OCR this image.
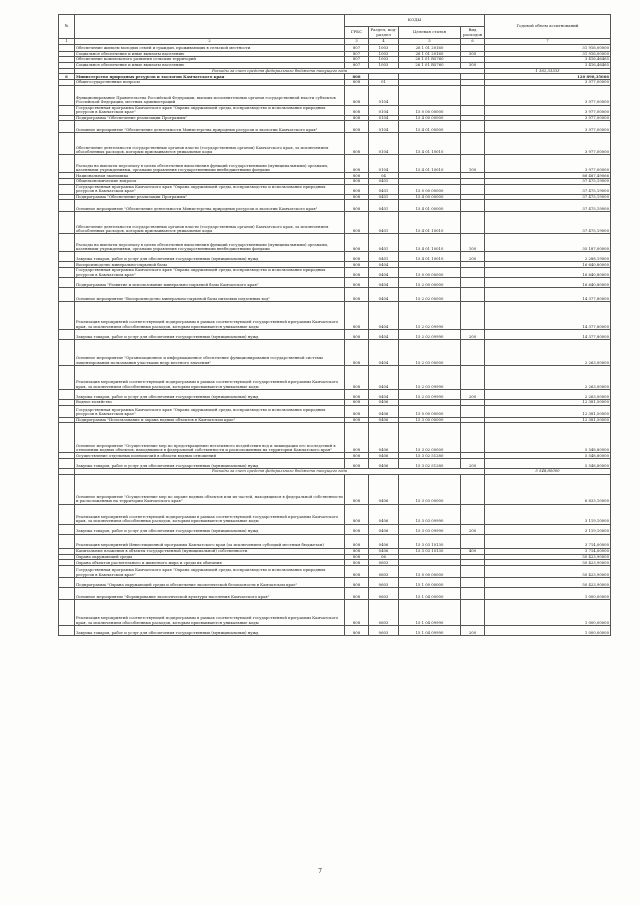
№		КОДЫ				Годовой объем ассигнований
		ГРБС	Раздел, под-раздел	Целевая статья	Вид расходов	
1	2	3	4	5	6	7
	Обеспечение жильем молодых семей и граждан, проживающих в сельской местности	807	1003	26 1 01 20160		31 916,00000
	Социальное обеспечение и иные выплаты населению	807	1003	26 1 01 20160	300	31 916,00000
	Обеспечение комплексного развития сельских территорий	807	1003	26 1 01 R5760		3 416,46465
	Социальное обеспечение и иные выплаты населению	807	1003	26 1 01 R5760	300	3 416,46465
	Расходы за счет средств федерального бюджета текущего года					1 362,33333
6	Министерство природных ресурсов и экологии Камчатского края	808				120 898,35066
	Общегосударственные вопросы	808	01			3 977,00000
	Функционирование Правительства Российской Федерации, высших исполнительных органов государственной власти субъектов Российской Федерации, местных администраций	808	0104			3 977,00000
	Государственная программа Камчатского края "Охрана окружающей среды, воспроизводство и использование природных ресурсов в Камчатском крае"	808	0104	15 0 00 00000		3 977,00000
	Подпрограмма "Обеспечение реализации Программы"	808	0104	15 4 00 00000		3 977,00000
	Основное мероприятие "Обеспечение деятельности Министерства природных ресурсов и экологии Камчатского края"	808	0104	15 4 01 00000		3 977,00000
	Обеспечение деятельности государственных органов власти (государственных органов) Камчатского края, за исключением обособленных расходов, которым присваиваются уникальные коды	808	0104	15 4 01 10010		3 977,00000
	Расходы на выплаты персоналу в целях обеспечения выполнения функций государственными (муниципальными) органами, казенными учреждениями, органами управления государственными внебюджетными фондами	808	0104	15 4 01 10010	100	3 977,00000
	Национальная экономика	808	04			66 487,49066
	Общеэкономические вопросы	808	0401			37 475,19000
	Государственная программа Камчатского края "Охрана окружающей среды, воспроизводство и использование природных ресурсов в Камчатском крае"	808	0401	15 0 00 00000		37 475,19000
	Подпрограмма "Обеспечение реализации Программы"	808	0401	15 4 00 00000		37 475,19000
	Основное мероприятие "Обеспечение деятельности Министерства природных ресурсов и экологии Камчатского края"	808	0401	15 4 01 00000		37 475,19000
	Обеспечение деятельности государственных органов власти (государственных органов) Камчатского края, за исключением обособленных расходов, которым присваиваются уникальные коды	808	0401	15 4 01 10010		37 475,19000
	Расходы на выплаты персоналу в целях обеспечения выполнения функций государственными (муниципальными) органами, казенными учреждениями, органами управления государственными внебюджетными фондами	808	0401	15 4 01 10010	100	35 187,00000
	Закупка товаров, работ и услуг для обеспечения государственных (муниципальных) нужд	808	0401	15 4 01 10010	200	2 288,19000
	Воспроизводство минерально-сырьевой базы	808	0404			16 640,80000
	Государственная программа Камчатского края "Охрана окружающей среды, воспроизводство и использование природных ресурсов в Камчатском крае"	808	0404	15 0 00 00000		16 640,80000
	Подпрограмма "Развитие и использование минерально-сырьевой базы Камчатского края"	808	0404	15 2 00 00000		16 640,80000
	Основное мероприятие "Воспроизводство минерально-сырьевой базы питьевых подземных вод"	808	0404	15 2 02 00000		14 377,80000
	Реализация мероприятий соответствующей подпрограммы в рамках соответствующей государственной программы Камчатского края, за исключением обособленных расходов, которым присваиваются уникальные коды	808	0404	15 2 02 09990		14 377,80000
	Закупка товаров, работ и услуг для обеспечения государственных (муниципальных) нужд	808	0404	15 2 02 09990	200	14 377,80000
	Основное мероприятие "Организационное и информационное обеспечение функционирования государственной системы лицензирования пользования участками недр местного значения"	808	0404	15 2 03 00000		2 263,00000
	Реализация мероприятий соответствующей подпрограммы в рамках соответствующей государственной программы Камчатского края, за исключением обособленных расходов, которым присваиваются уникальные коды	808	0404	15 2 03 09990		2 263,00000
	Закупка товаров, работ и услуг для обеспечения государственных (муниципальных) нужд	808	0404	15 2 03 09990	200	2 263,00000
	Водное хозяйство	808	0406			12 381,50000
	Государственная программа Камчатского края "Охрана окружающей среды, воспроизводство и использование природных ресурсов в Камчатском крае"	808	0406	15 0 00 00000		12 381,50000
	Подпрограмма "Использование и охрана водных объектов в Камчатском крае"	808	0406	15 3 00 00000		12 381,50000
	Основное мероприятие "Осуществление мер по предотвращению негативного воздействия вод и ликвидации его последствий в отношении водных объектов, находящихся в федеральной собственности и расположенных на территории Камчатского края"	808	0406	15 3 02 00000		5 548,80000
	Осуществление отдельных полномочий в области водных отношений	808	0406	15 3 02 51280		5 548,80000
	Закупка товаров, работ и услуг для обеспечения государственных (муниципальных) нужд	808	0406	15 3 02 51280	200	5 548,80000
	Расходы за счет средств федерального бюджета текущего года					5 548,80000
	Основное мероприятие "Осуществление мер по охране водных объектов или их частей, находящихся в федеральной собственности и расположенных на территории Камчатского края"	808	0406	15 3 03 00000		6 833,10000
	Реализация мероприятий соответствующей подпрограммы в рамках соответствующей государственной программы Камчатского края, за исключением обособленных расходов, которым присваиваются уникальные коды	808	0406	15 3 03 09990		3 119,10000
	Закупка товаров, работ и услуг для обеспечения государственных (муниципальных) нужд	808	0406	15 3 03 09990	200	3 119,10000
	Реализация мероприятий Инвестиционной программы Камчатского края (за исключением субсидий местным бюджетам)	808	0406	15 3 03 10130		3 714,00000
	Капитальные вложения в объекты государственной (муниципальной) собственности	808	0406	15 3 03 10130	400	3 714,00000
	Охрана окружающей среды	808	06			50 423,90000
	Охрана объектов растительного и животного мира и среды их обитания	808	0603			50 423,90000
	Государственная программа Камчатского края "Охрана окружающей среды, воспроизводство и использование природных ресурсов в Камчатском крае"	808	0603	15 0 00 00000		50 423,90000
	Подпрограмма "Охрана окружающей среды и обеспечение экологической безопасности в Камчатском крае"	808	0603	15 1 00 00000		50 423,90000
	Основное мероприятие "Формирование экологической культуры населения Камчатского края"	808	0603	15 1 04 00000		1 000,00000
	Реализация мероприятий соответствующей подпрограммы в рамках соответствующей государственной программы Камчатского края, за исключением обособленных расходов, которым присваиваются уникальные коды	808	0603	15 1 04 09990		1 000,00000
	Закупка товаров, работ и услуг для обеспечения государственных (муниципальных) нужд	808	0603	15 1 04 09990	200	1 000,00000
7
